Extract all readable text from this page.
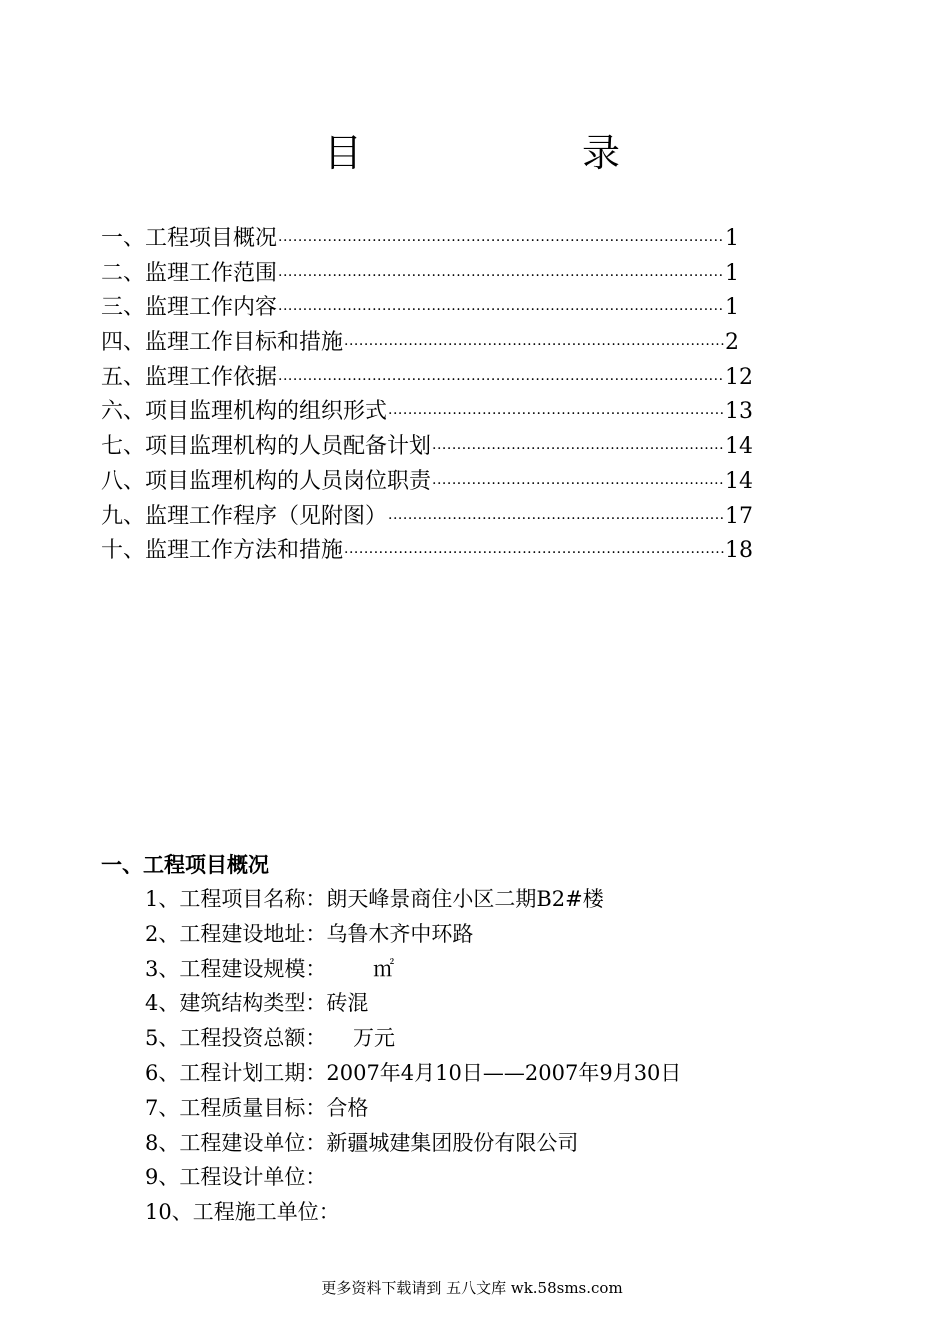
目　　录
一、工程项目概况 ·····	1
二、监理工作范围 ·····	1
三、监理工作内容 ·····	1
四、监理工作目标和措施 ·····	2
五、监理工作依据 ·····	12
六、项目监理机构的组织形式 ·····	13
七、项目监理机构的人员配备计划 ·····	14
八、项目监理机构的人员岗位职责 ·····	14
九、监理工作程序（见附图） ·····	17
十、监理工作方法和措施 ·····	18
一、工程项目概况
1、工程项目名称：朗天峰景商住小区二期B2#楼
2、工程建设地址：乌鲁木齐中环路
3、工程建设规模：       ㎡
4、建筑结构类型：砖混
5、工程投资总额：    万元
6、工程计划工期：2007年4月10日——2007年9月30日
7、工程质量目标：合格
8、工程建设单位：新疆城建集团股份有限公司
9、工程设计单位：
10、工程施工单位：
更多资料下载请到 五八文库 wk.58sms.com
